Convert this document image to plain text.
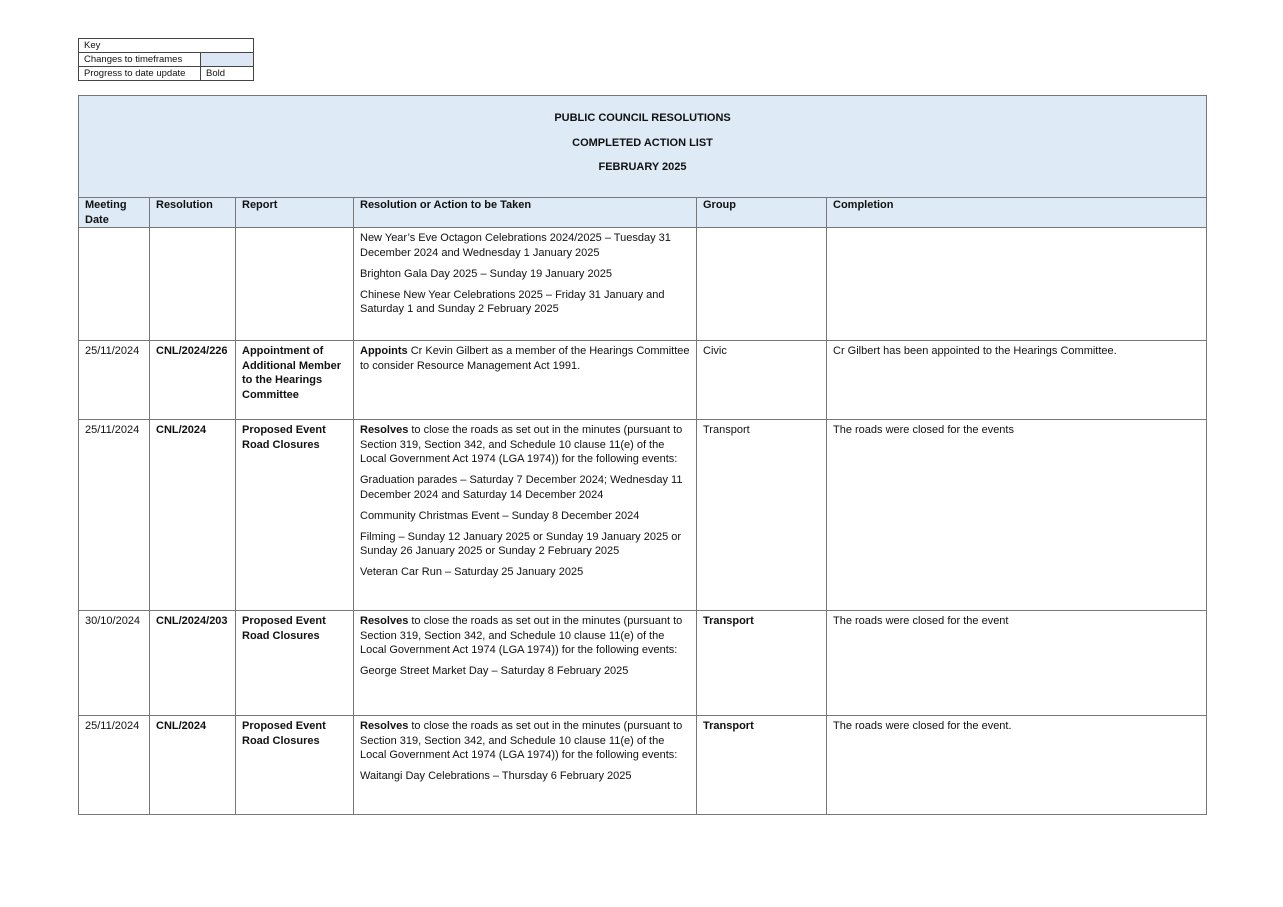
Key	
Changes to timeframes	
Progress to date update	Bold

PUBLIC COUNCIL RESOLUTIONS

COMPLETED ACTION LIST

FEBRUARY 2025					

Meeting Date	Resolution	Report	Resolution or Action to be Taken	Group	Completion

			New Year’s Eve Octagon Celebrations 2024/2025 – Tuesday 31 December 2024 and Wednesday 1 January 2025

Brighton Gala Day 2025 – Sunday 19 January 2025

Chinese New Year Celebrations 2025 – Friday 31 January and Saturday 1 and Sunday 2 February 2025		

25/11/2024	CNL/2024/226	Appointment of Additional Member to the Hearings Committee	Appoints Cr Kevin Gilbert as a member of the Hearings Committee to consider Resource Management Act 1991.	Civic	Cr Gilbert has been appointed to the Hearings Committee.
25/11/2024	CNL/2024	Proposed Event Road Closures	Resolves to close the roads as set out in the minutes (pursuant to Section 319, Section 342, and Schedule 10 clause 11(e) of the Local Government Act 1974 (LGA 1974)) for the following events:

Graduation parades – Saturday 7 December 2024; Wednesday 11 December 2024 and Saturday 14 December 2024

Community Christmas Event – Sunday 8 December 2024

Filming – Sunday 12 January 2025 or Sunday 19 January 2025 or Sunday 26 January 2025 or Sunday 2 February 2025

Veteran Car Run – Saturday 25 January 2025	Transport	The roads were closed for the events
30/10/2024	CNL/2024/203	Proposed Event Road Closures	Resolves to close the roads as set out in the minutes (pursuant to Section 319, Section 342, and Schedule 10 clause 11(e) of the Local Government Act 1974 (LGA 1974)) for the following events:

George Street Market Day – Saturday 8 February 2025	Transport	The roads were closed for the event
25/11/2024	CNL/2024	Proposed Event Road Closures	Resolves to close the roads as set out in the minutes (pursuant to Section 319, Section 342, and Schedule 10 clause 11(e) of the Local Government Act 1974 (LGA 1974)) for the following events:

Waitangi Day Celebrations – Thursday 6 February 2025	Transport	The roads were closed for the event.
